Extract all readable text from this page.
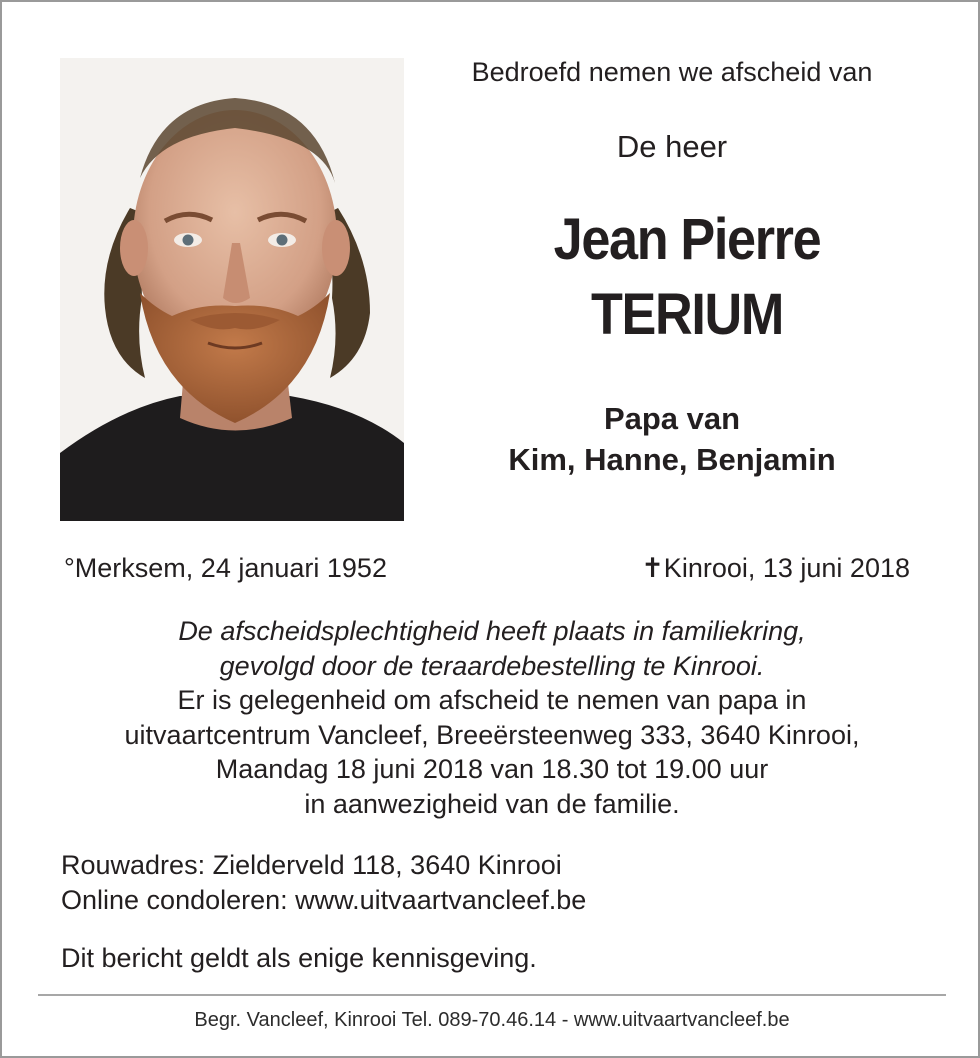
Bedroefd nemen we afscheid van
De heer
Jean Pierre
TERIUM
Papa van
Kim, Hanne, Benjamin
°Merksem, 24 januari 1952	✝Kinrooi, 13 juni 2018
De afscheidsplechtigheid heeft plaats in familiekring,
gevolgd door de teraardebestelling te Kinrooi.
Er is gelegenheid om afscheid te nemen van papa in
uitvaartcentrum Vancleef, Breeërsteenweg 333, 3640 Kinrooi,
Maandag 18 juni 2018 van 18.30 tot 19.00 uur
in aanwezigheid van de familie.
Rouwadres: Zielderveld 118, 3640 Kinrooi
Online condoleren: www.uitvaartvancleef.be
Dit bericht geldt als enige kennisgeving.
Begr. Vancleef, Kinrooi Tel. 089-70.46.14 - www.uitvaartvancleef.be
